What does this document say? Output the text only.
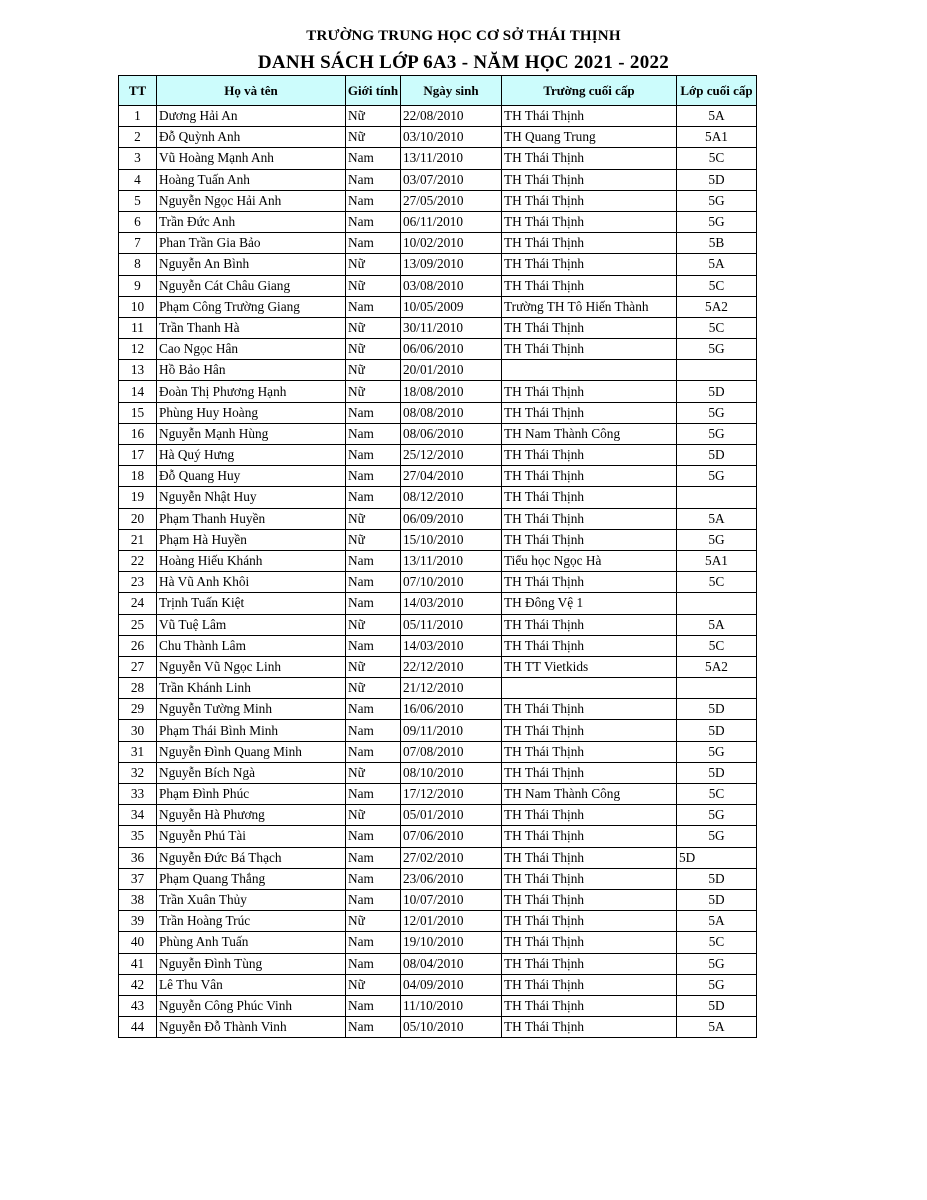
TRƯỜNG TRUNG HỌC CƠ SỞ THÁI THỊNH
DANH SÁCH LỚP 6A3 - NĂM HỌC 2021 - 2022
TT	Họ và tên	Giới tính	Ngày sinh	Trường cuối cấp	Lớp cuối cấp
1	Dương Hải An	Nữ	22/08/2010	TH Thái Thịnh	5A
2	Đỗ Quỳnh Anh	Nữ	03/10/2010	TH Quang Trung	5A1
3	Vũ Hoàng Mạnh Anh	Nam	13/11/2010	TH Thái Thịnh	5C
4	Hoàng Tuấn Anh	Nam	03/07/2010	TH Thái Thịnh	5D
5	Nguyễn Ngọc Hải Anh	Nam	27/05/2010	TH Thái Thịnh	5G
6	Trần Đức Anh	Nam	06/11/2010	TH Thái Thịnh	5G
7	Phan Trần Gia Bảo	Nam	10/02/2010	TH Thái Thịnh	5B
8	Nguyễn An Bình	Nữ	13/09/2010	TH Thái Thịnh	5A
9	Nguyễn Cát Châu Giang	Nữ	03/08/2010	TH Thái Thịnh	5C
10	Phạm Công Trường Giang	Nam	10/05/2009	Trường TH Tô Hiến Thành	5A2
11	Trần Thanh Hà	Nữ	30/11/2010	TH Thái Thịnh	5C
12	Cao Ngọc Hân	Nữ	06/06/2010	TH Thái Thịnh	5G
13	Hồ Bảo Hân	Nữ	20/01/2010		
14	Đoàn Thị Phương Hạnh	Nữ	18/08/2010	TH Thái Thịnh	5D
15	Phùng Huy Hoàng	Nam	08/08/2010	TH Thái Thịnh	5G
16	Nguyễn Mạnh Hùng	Nam	08/06/2010	TH Nam Thành Công	5G
17	Hà Quý Hưng	Nam	25/12/2010	TH Thái Thịnh	5D
18	Đỗ Quang Huy	Nam	27/04/2010	TH Thái Thịnh	5G
19	Nguyễn Nhật Huy	Nam	08/12/2010	TH Thái Thịnh	
20	Phạm Thanh Huyền	Nữ	06/09/2010	TH Thái Thịnh	5A
21	Phạm Hà Huyền	Nữ	15/10/2010	TH Thái Thịnh	5G
22	Hoàng Hiếu Khánh	Nam	13/11/2010	Tiểu học Ngọc Hà	5A1
23	Hà Vũ Anh Khôi	Nam	07/10/2010	TH Thái Thịnh	5C
24	Trịnh Tuấn Kiệt	Nam	14/03/2010	TH Đông Vệ 1	
25	Vũ Tuệ Lâm	Nữ	05/11/2010	TH Thái Thịnh	5A
26	Chu Thành Lâm	Nam	14/03/2010	TH Thái Thịnh	5C
27	Nguyễn Vũ Ngọc Linh	Nữ	22/12/2010	TH TT Vietkids	5A2
28	Trần Khánh Linh	Nữ	21/12/2010		
29	Nguyễn Tường Minh	Nam	16/06/2010	TH Thái Thịnh	5D
30	Phạm Thái Bình Minh	Nam	09/11/2010	TH Thái Thịnh	5D
31	Nguyễn Đình Quang Minh	Nam	07/08/2010	TH Thái Thịnh	5G
32	Nguyễn Bích Ngà	Nữ	08/10/2010	TH Thái Thịnh	5D
33	Phạm Đình Phúc	Nam	17/12/2010	TH Nam Thành Công	5C
34	Nguyễn Hà Phương	Nữ	05/01/2010	TH Thái Thịnh	5G
35	Nguyễn Phú Tài	Nam	07/06/2010	TH Thái Thịnh	5G
36	Nguyễn Đức Bá Thạch	Nam	27/02/2010	TH Thái Thịnh	5D
37	Phạm Quang Thắng	Nam	23/06/2010	TH Thái Thịnh	5D
38	Trần Xuân Thủy	Nam	10/07/2010	TH Thái Thịnh	5D
39	Trần Hoàng Trúc	Nữ	12/01/2010	TH Thái Thịnh	5A
40	Phùng Anh Tuấn	Nam	19/10/2010	TH Thái Thịnh	5C
41	Nguyễn Đình Tùng	Nam	08/04/2010	TH Thái Thịnh	5G
42	Lê Thu Vân	Nữ	04/09/2010	TH Thái Thịnh	5G
43	Nguyễn Công Phúc Vinh	Nam	11/10/2010	TH Thái Thịnh	5D
44	Nguyễn Đỗ Thành Vinh	Nam	05/10/2010	TH Thái Thịnh	5A
